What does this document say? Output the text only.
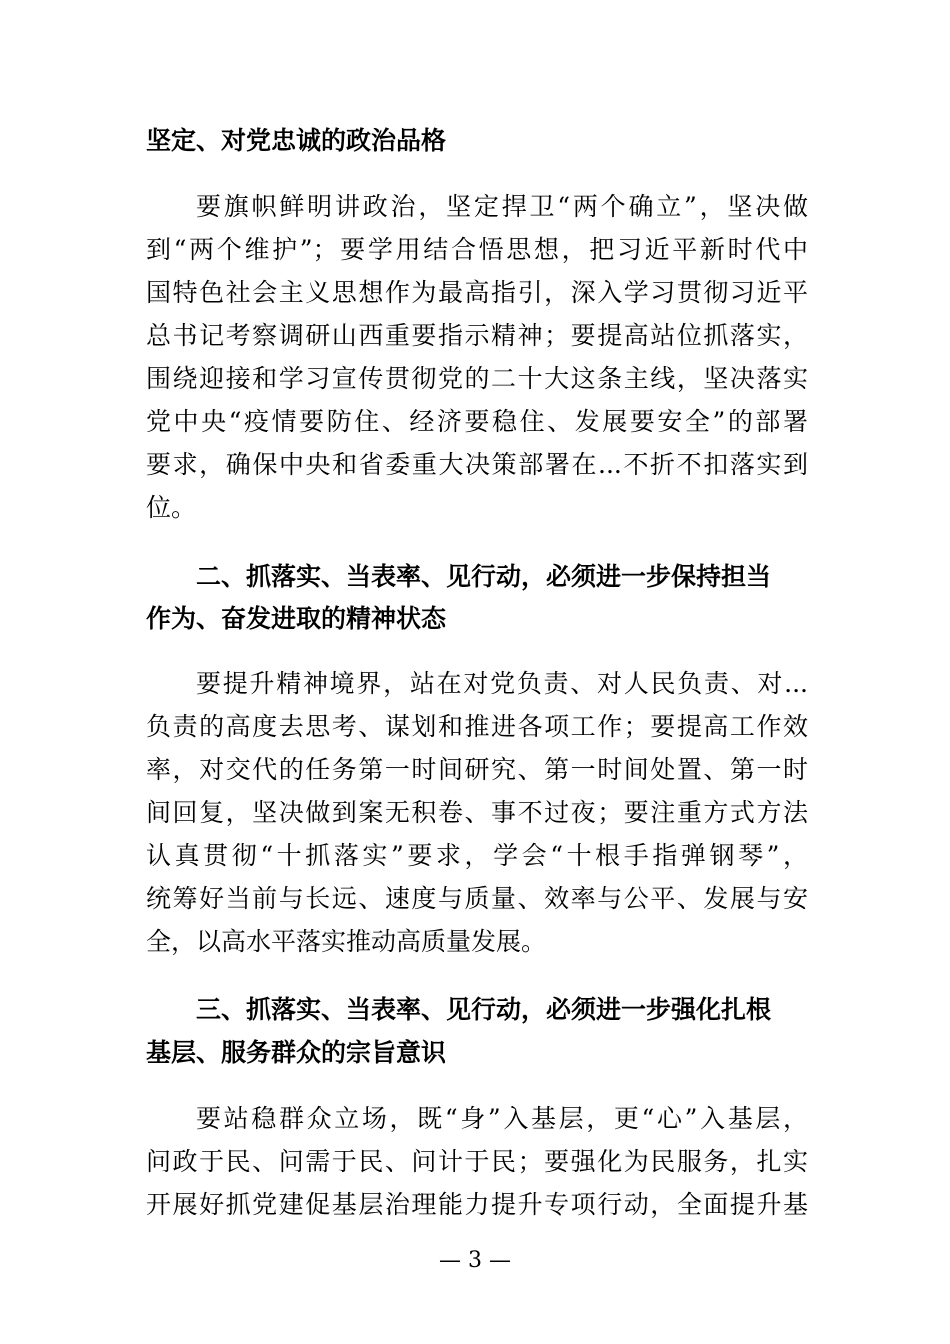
坚定、对党忠诚的政治品格
要旗帜鲜明讲政治，坚定捍卫“两个确立”，坚决做
到“两个维护”；要学用结合悟思想，把习近平新时代中
国特色社会主义思想作为最高指引，深入学习贯彻习近平
总书记考察调研山西重要指示精神；要提高站位抓落实，
围绕迎接和学习宣传贯彻党的二十大这条主线，坚决落实
党中央“疫情要防住、经济要稳住、发展要安全”的部署
要求，确保中央和省委重大决策部署在...不折不扣落实到
位。
二、抓落实、当表率、见行动，必须进一步保持担当
作为、奋发进取的精神状态
要提升精神境界，站在对党负责、对人民负责、对...
负责的高度去思考、谋划和推进各项工作；要提高工作效
率，对交代的任务第一时间研究、第一时间处置、第一时
间回复，坚决做到案无积卷、事不过夜；要注重方式方法
认真贯彻“十抓落实”要求，学会“十根手指弹钢琴”，
统筹好当前与长远、速度与质量、效率与公平、发展与安
全，以高水平落实推动高质量发展。
三、抓落实、当表率、见行动，必须进一步强化扎根
基层、服务群众的宗旨意识
要站稳群众立场，既“身”入基层，更“心”入基层，
问政于民、问需于民、问计于民；要强化为民服务，扎实
开展好抓党建促基层治理能力提升专项行动，全面提升基
— 3 —
